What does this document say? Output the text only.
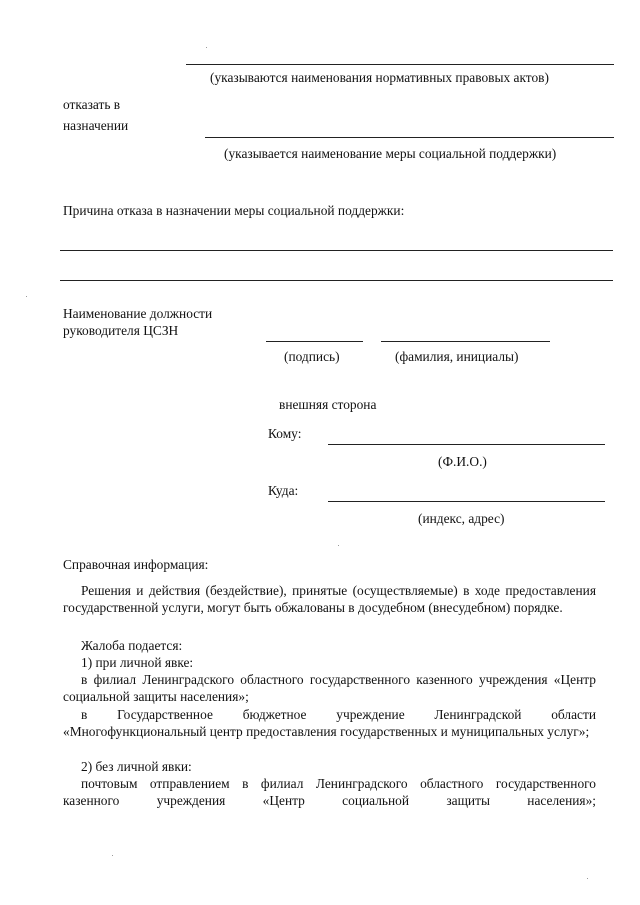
(указываются наименования нормативных правовых актов)
отказать в
назначении
(указывается наименование меры социальной поддержки)
Причина отказа в назначении меры социальной поддержки:
Наименование должности
руководителя ЦСЗН
(подпись)	(фамилия, инициалы)
внешняя сторона
Кому:
(Ф.И.О.)
Куда:
(индекс, адрес)
Справочная информация:
Решения и действия (бездействие), принятые (осуществляемые) в ходе предоставления государственной услуги, могут быть обжалованы в досудебном (внесудебном) порядке.
Жалоба подается:
1) при личной явке:
в филиал Ленинградского областного государственного казенного учреждения «Центр социальной защиты населения»;
в Государственное бюджетное учреждение Ленинградской области «Многофункциональный центр предоставления государственных и муниципальных услуг»;
2) без личной явки:
почтовым отправлением в филиал Ленинградского областного государственного казенного учреждения «Центр социальной защиты населения»;
